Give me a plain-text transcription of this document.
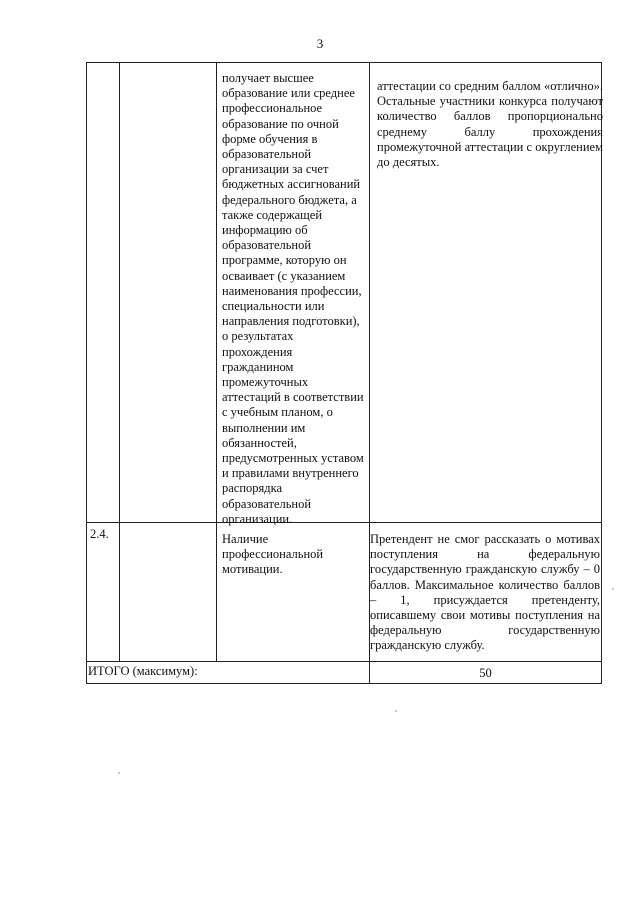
3
получает высшее
образование или среднее
профессиональное
образование по очной
форме обучения в
образовательной
организации за счет
бюджетных ассигнований
федерального бюджета, а
также содержащей
информацию об
образовательной
программе, которую он
осваивает (с указанием
наименования профессии,
специальности или
направления подготовки),
о результатах
прохождения
гражданином
промежуточных
аттестаций в соответствии
с учебным планом, о
выполнении им
обязанностей,
предусмотренных уставом
и правилами внутреннего
распорядка
образовательной
организации.
аттестации со средним баллом «отлично». Остальные участники конкурса получают количество баллов пропорционально среднему баллу прохождения промежуточной аттестации с округлением до десятых.
2.4.	Наличие
профессиональной
мотивации.
Претендент не смог рассказать о мотивах поступления на федеральную государственную гражданскую службу – 0 баллов. Максимальное количество баллов – 1, присуждается претенденту, описавшему свои мотивы поступления на федеральную государственную гражданскую службу.
ИТОГО (максимум):	50
